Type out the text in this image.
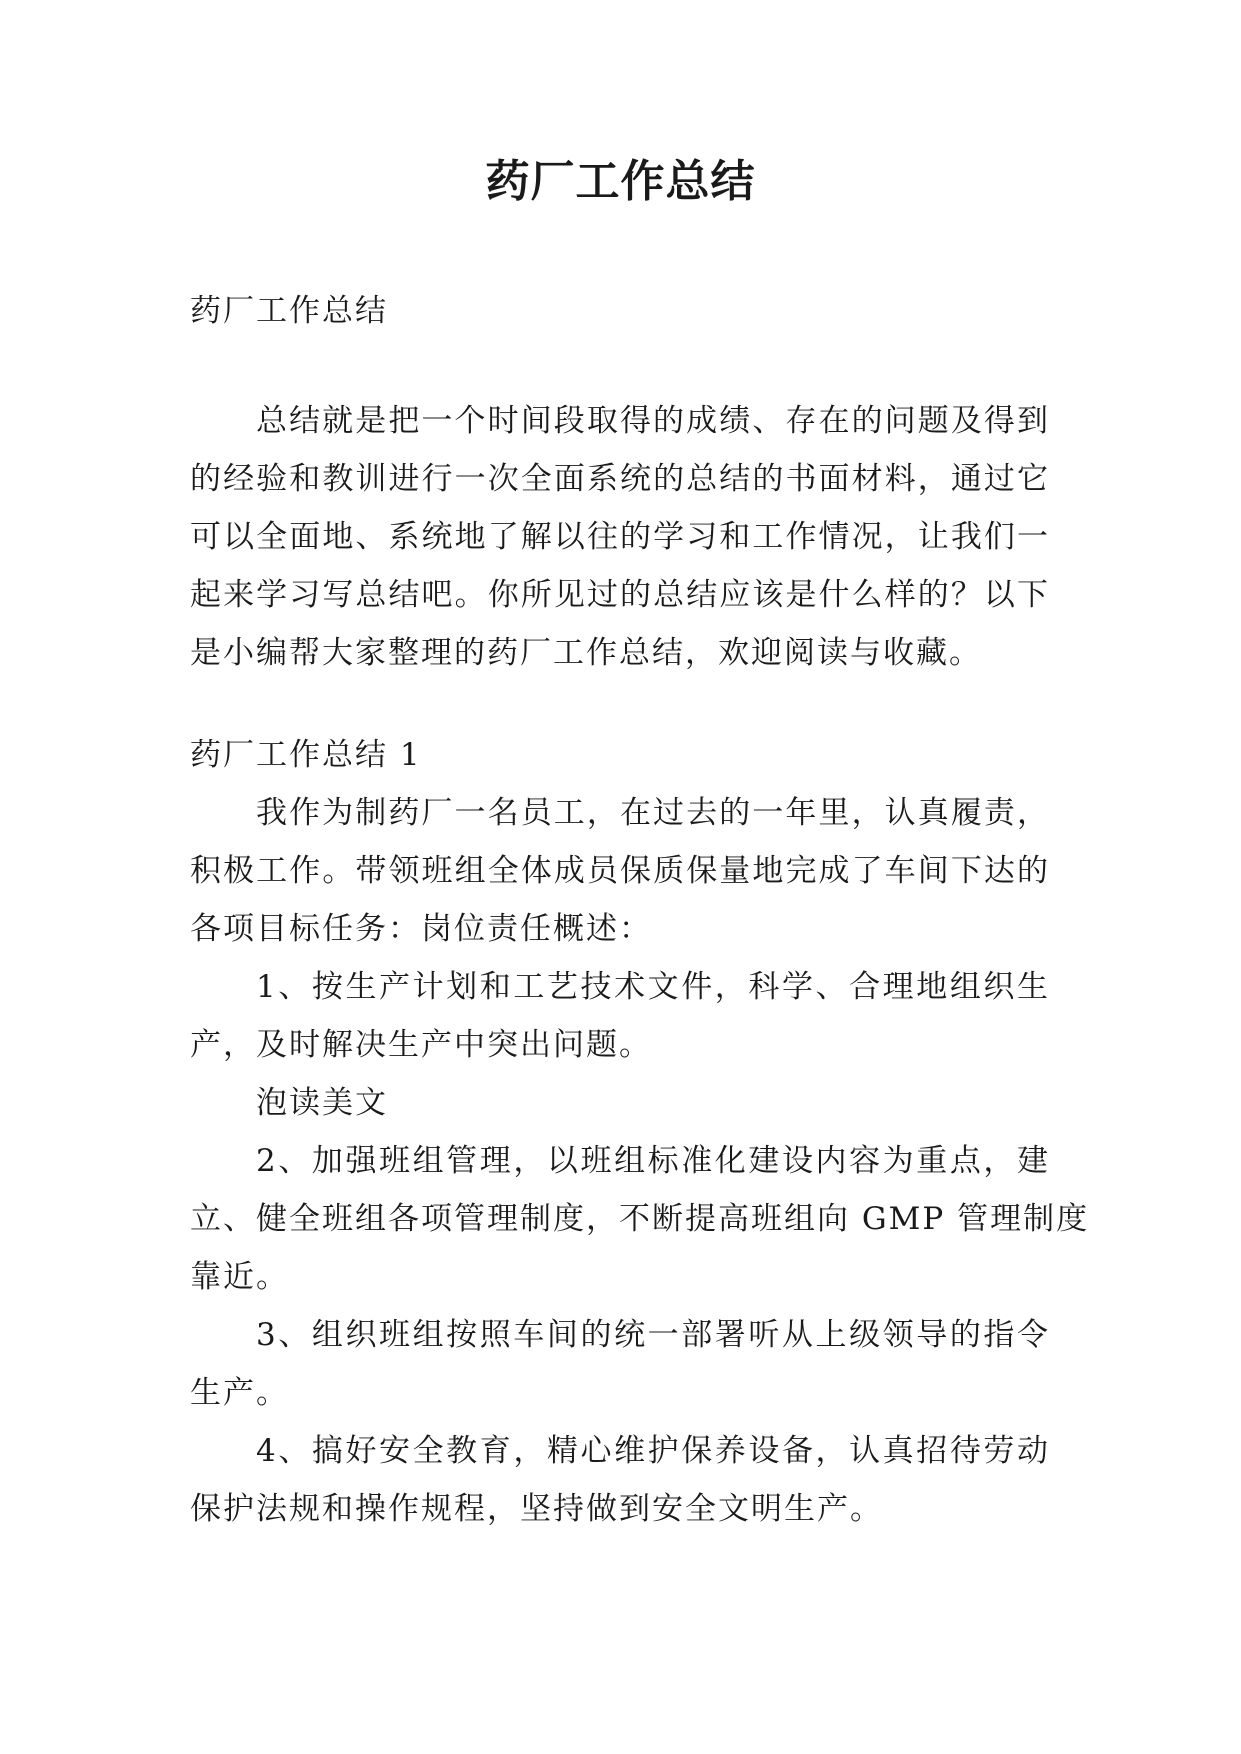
药厂工作总结
药厂工作总结
总结就是把一个时间段取得的成绩、存在的问题及得到
的经验和教训进行一次全面系统的总结的书面材料，通过它
可以全面地、系统地了解以往的学习和工作情况，让我们一
起来学习写总结吧。你所见过的总结应该是什么样的？以下
是小编帮大家整理的药厂工作总结，欢迎阅读与收藏。
药厂工作总结 1
我作为制药厂一名员工，在过去的一年里，认真履责，
积极工作。带领班组全体成员保质保量地完成了车间下达的
各项目标任务：岗位责任概述：
1、按生产计划和工艺技术文件，科学、合理地组织生
产，及时解决生产中突出问题。
泡读美文
2、加强班组管理，以班组标准化建设内容为重点，建
立、健全班组各项管理制度，不断提高班组向 GMP 管理制度
靠近。
3、组织班组按照车间的统一部署听从上级领导的指令
生产。
4、搞好安全教育，精心维护保养设备，认真招待劳动
保护法规和操作规程，坚持做到安全文明生产。
